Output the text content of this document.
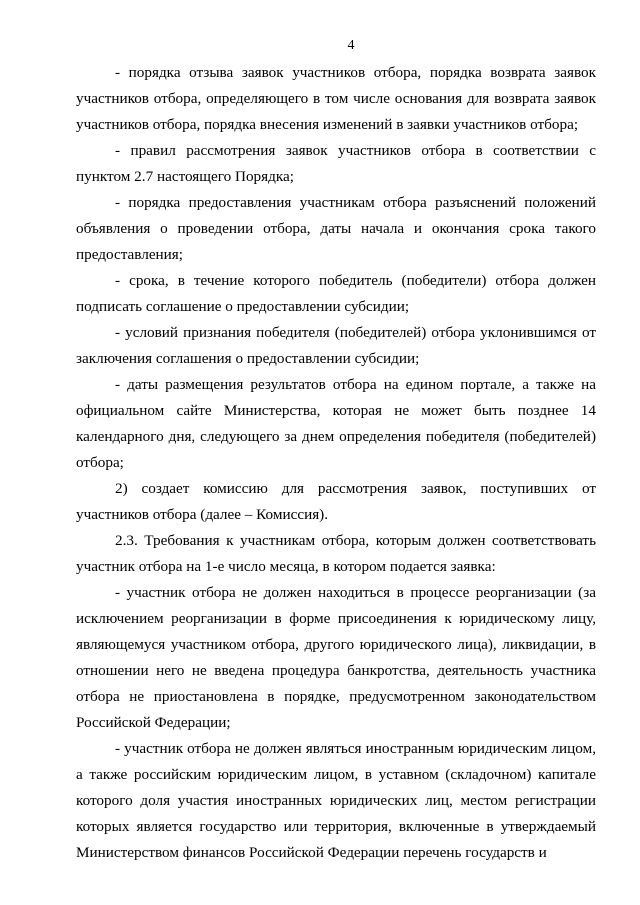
4

- порядка отзыва заявок участников отбора, порядка возврата заявок участников отбора, определяющего в том числе основания для возврата заявок участников отбора, порядка внесения изменений в заявки участников отбора;

- правил рассмотрения заявок участников отбора в соответствии с пунктом 2.7 настоящего Порядка;

- порядка предоставления участникам отбора разъяснений положений объявления о проведении отбора, даты начала и окончания срока такого предоставления;

- срока, в течение которого победитель (победители) отбора должен подписать соглашение о предоставлении субсидии;

- условий признания победителя (победителей) отбора уклонившимся от заключения соглашения о предоставлении субсидии;

- даты размещения результатов отбора на едином портале, а также на официальном сайте Министерства, которая не может быть позднее 14 календарного дня, следующего за днем определения победителя (победителей) отбора;

2) создает комиссию для рассмотрения заявок, поступивших от участников отбора (далее – Комиссия).

2.3. Требования к участникам отбора, которым должен соответствовать участник отбора на 1-е число месяца, в котором подается заявка:

- участник отбора не должен находиться в процессе реорганизации (за исключением реорганизации в форме присоединения к юридическому лицу, являющемуся участником отбора, другого юридического лица), ликвидации, в отношении него не введена процедура банкротства, деятельность участника отбора не приостановлена в порядке, предусмотренном законодательством Российской Федерации;

- участник отбора не должен являться иностранным юридическим лицом, а также российским юридическим лицом, в уставном (складочном) капитале которого доля участия иностранных юридических лиц, местом регистрации которых является государство или территория, включенные в утверждаемый Министерством финансов Российской Федерации перечень государств и
